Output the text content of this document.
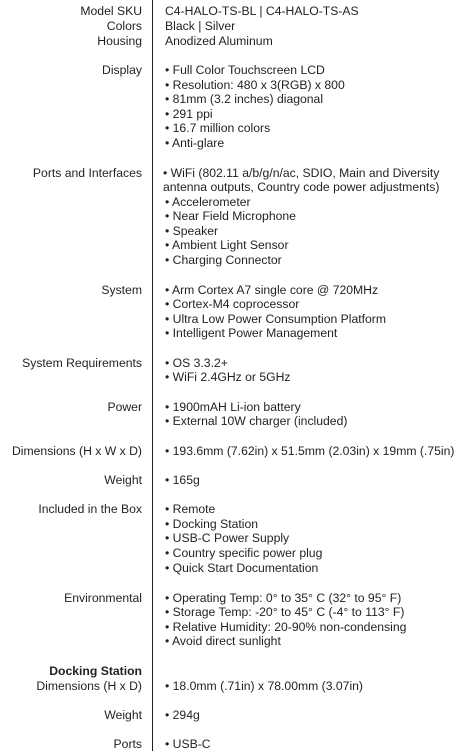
Model SKU C4-HALO-TS-BL | C4-HALO-TS-AS
Colors Black | Silver
Housing Anodized Aluminum
Display • Full Color Touchscreen LCD
• Resolution: 480 x 3(RGB) x 800
• 81mm (3.2 inches) diagonal
• 291 ppi
• 16.7 million colors
• Anti-glare
Ports and Interfaces • WiFi (802.11 a/b/g/n/ac, SDIO, Main and Diversity
antenna outputs, Country code power adjustments)
• Accelerometer
• Near Field Microphone
• Speaker
• Ambient Light Sensor
• Charging Connector
System • Arm Cortex A7 single core @ 720MHz
• Cortex-M4 coprocessor
• Ultra Low Power Consumption Platform
• Intelligent Power Management
System Requirements • OS 3.3.2+
• WiFi 2.4GHz or 5GHz
Power • 1900mAH Li-ion battery
• External 10W charger (included)
Dimensions (H x W x D) • 193.6mm (7.62in) x 51.5mm (2.03in) x 19mm (.75in)
Weight • 165g
Included in the Box • Remote
• Docking Station
• USB-C Power Supply
• Country specific power plug
• Quick Start Documentation
Environmental • Operating Temp: 0° to 35° C (32° to 95° F)
• Storage Temp: -20° to 45° C (-4° to 113° F)
• Relative Humidity: 20-90% non-condensing
• Avoid direct sunlight
Docking Station
Dimensions (H x D) • 18.0mm (.71in) x 78.00mm (3.07in)
Weight • 294g
Ports • USB-C
